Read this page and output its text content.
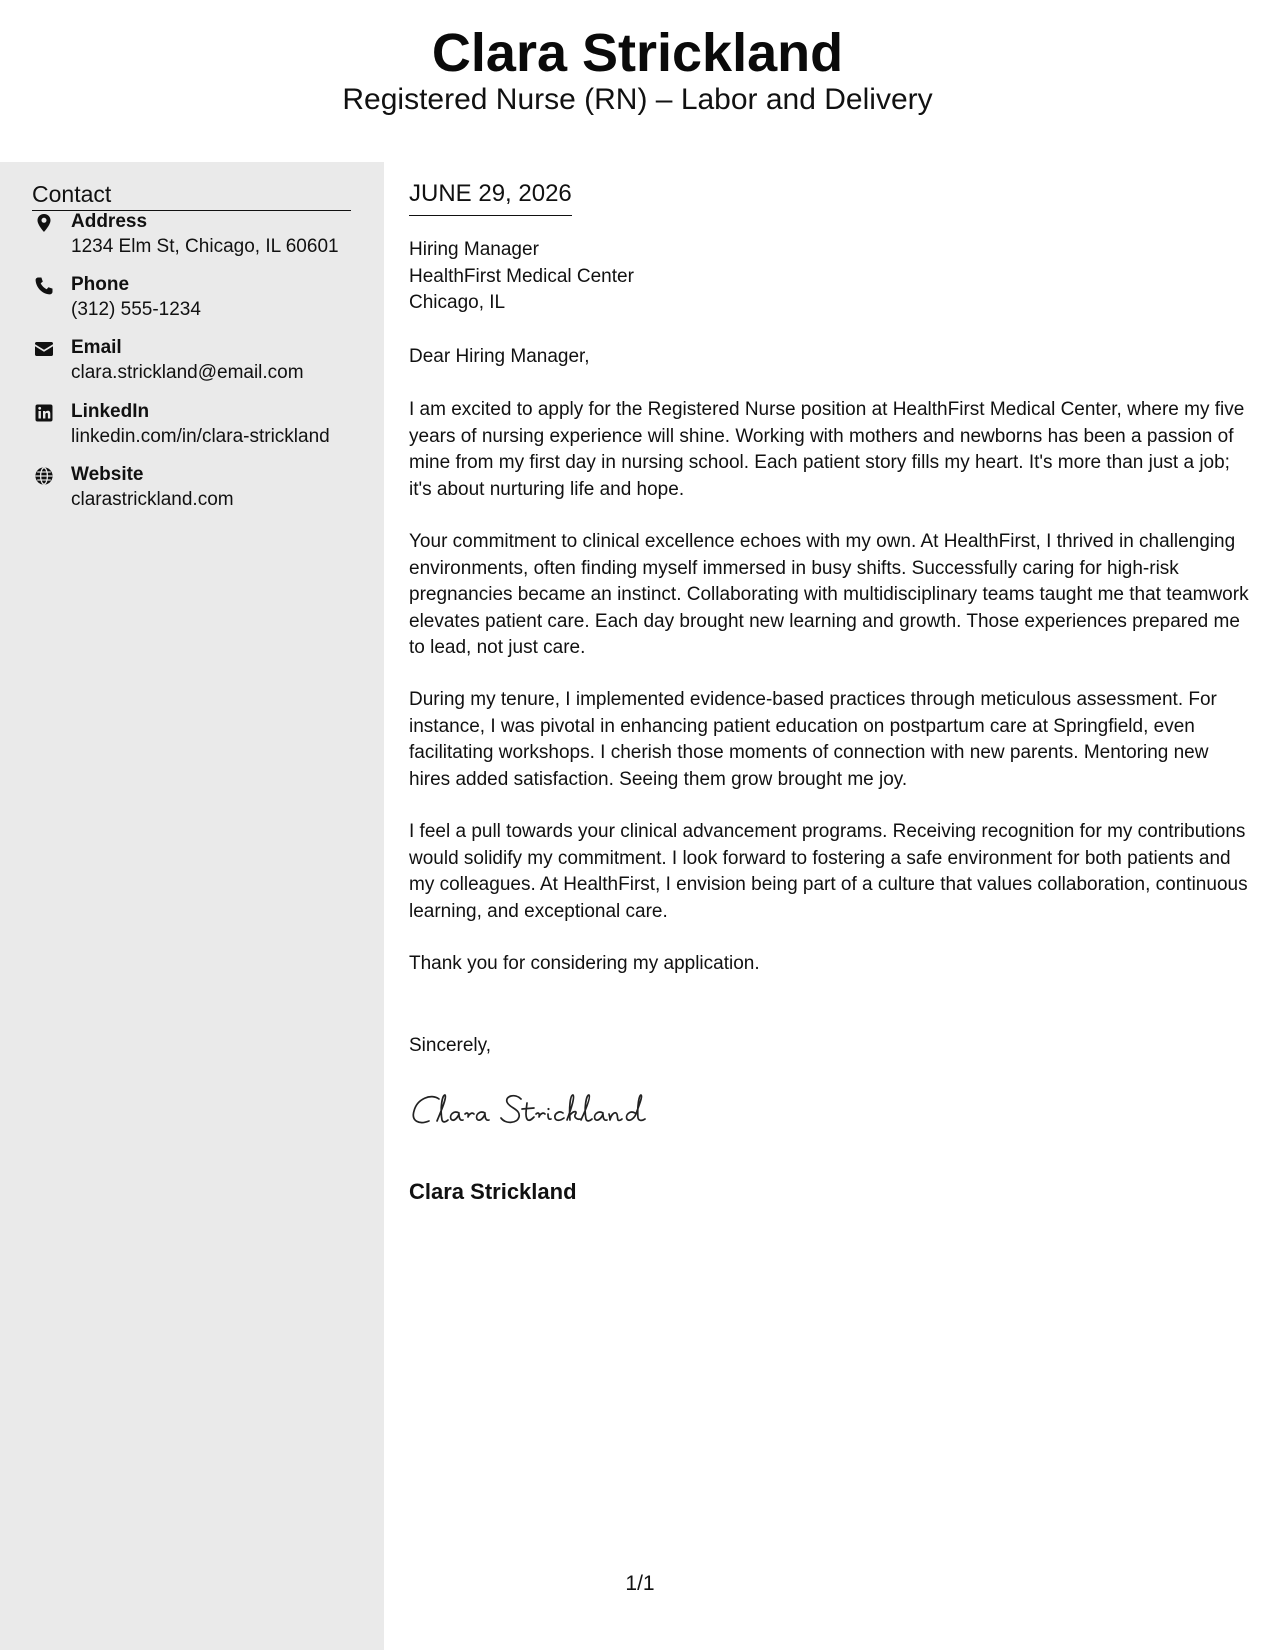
Clara Strickland
Registered Nurse (RN) – Labor and Delivery
Contact
Address
1234 Elm St, Chicago, IL 60601
Phone
(312) 555-1234
Email
clara.strickland@email.com
LinkedIn
linkedin.com/in/clara-strickland
Website
clarastrickland.com
JUNE 29, 2026
Hiring Manager
HealthFirst Medical Center
Chicago, IL
Dear Hiring Manager,
I am excited to apply for the Registered Nurse position at HealthFirst Medical Center, where my five years of nursing experience will shine. Working with mothers and newborns has been a passion of mine from my first day in nursing school. Each patient story fills my heart. It's more than just a job; it's about nurturing life and hope.
Your commitment to clinical excellence echoes with my own. At HealthFirst, I thrived in challenging environments, often finding myself immersed in busy shifts. Successfully caring for high-risk pregnancies became an instinct. Collaborating with multidisciplinary teams taught me that teamwork elevates patient care. Each day brought new learning and growth. Those experiences prepared me to lead, not just care.
During my tenure, I implemented evidence-based practices through meticulous assessment. For instance, I was pivotal in enhancing patient education on postpartum care at Springfield, even facilitating workshops. I cherish those moments of connection with new parents. Mentoring new hires added satisfaction. Seeing them grow brought me joy.
I feel a pull towards your clinical advancement programs. Receiving recognition for my contributions would solidify my commitment. I look forward to fostering a safe environment for both patients and my colleagues. At HealthFirst, I envision being part of a culture that values collaboration, continuous learning, and exceptional care.
Thank you for considering my application.
Sincerely,
Clara Strickland
1/1
